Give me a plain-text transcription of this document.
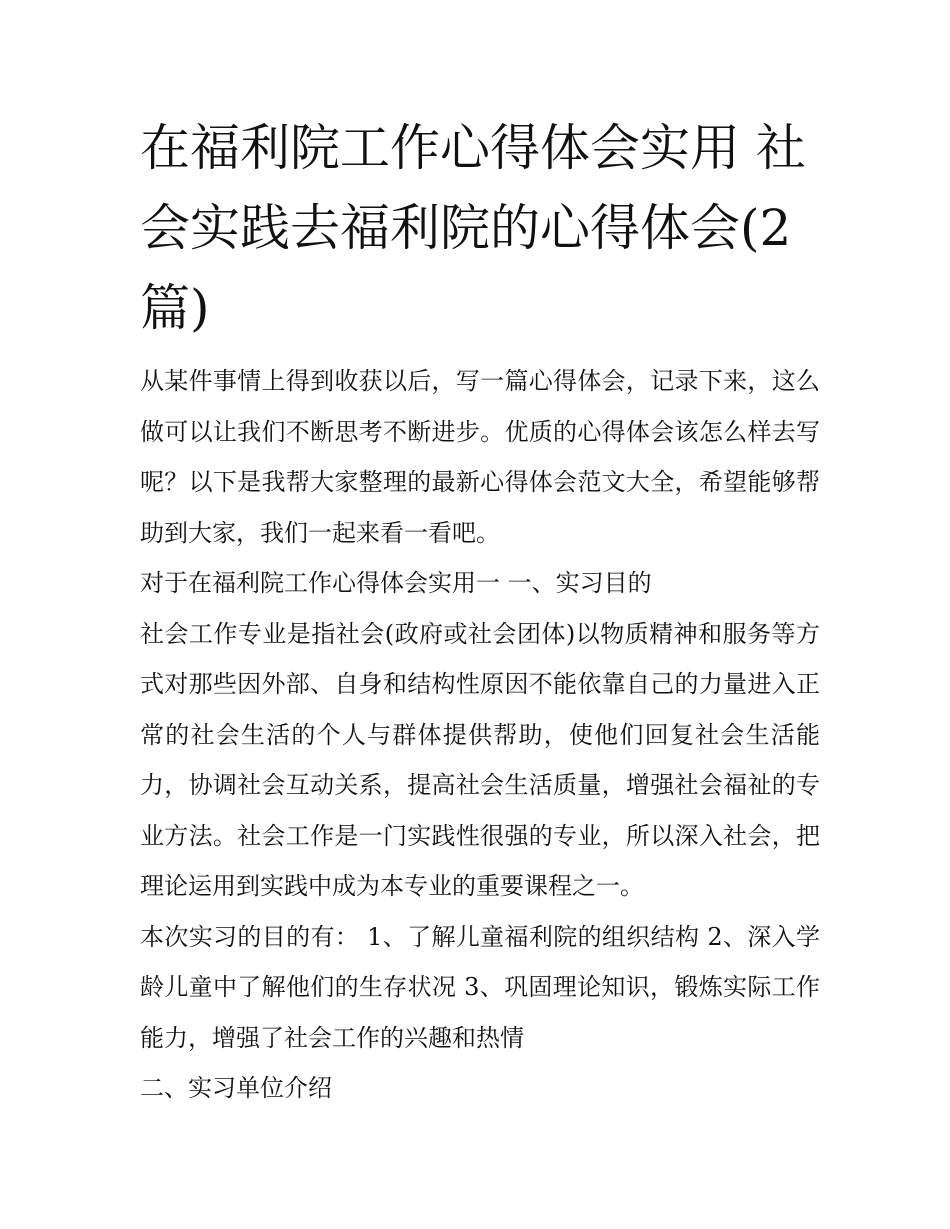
在福利院工作心得体会实用 社会实践去福利院的心得体会(2篇)

从某件事情上得到收获以后，写一篇心得体会，记录下来，这么做可以让我们不断思考不断进步。优质的心得体会该怎么样去写呢？以下是我帮大家整理的最新心得体会范文大全，希望能够帮助到大家，我们一起来看一看吧。

对于在福利院工作心得体会实用一 一、实习目的

社会工作专业是指社会(政府或社会团体)以物质精神和服务等方式对那些因外部、自身和结构性原因不能依靠自己的力量进入正常的社会生活的个人与群体提供帮助，使他们回复社会生活能力，协调社会互动关系，提高社会生活质量，增强社会福祉的专业方法。社会工作是一门实践性很强的专业，所以深入社会，把理论运用到实践中成为本专业的重要课程之一。

本次实习的目的有： 1、了解儿童福利院的组织结构 2、深入学龄儿童中了解他们的生存状况 3、巩固理论知识，锻炼实际工作能力，增强了社会工作的兴趣和热情

二、实习单位介绍
